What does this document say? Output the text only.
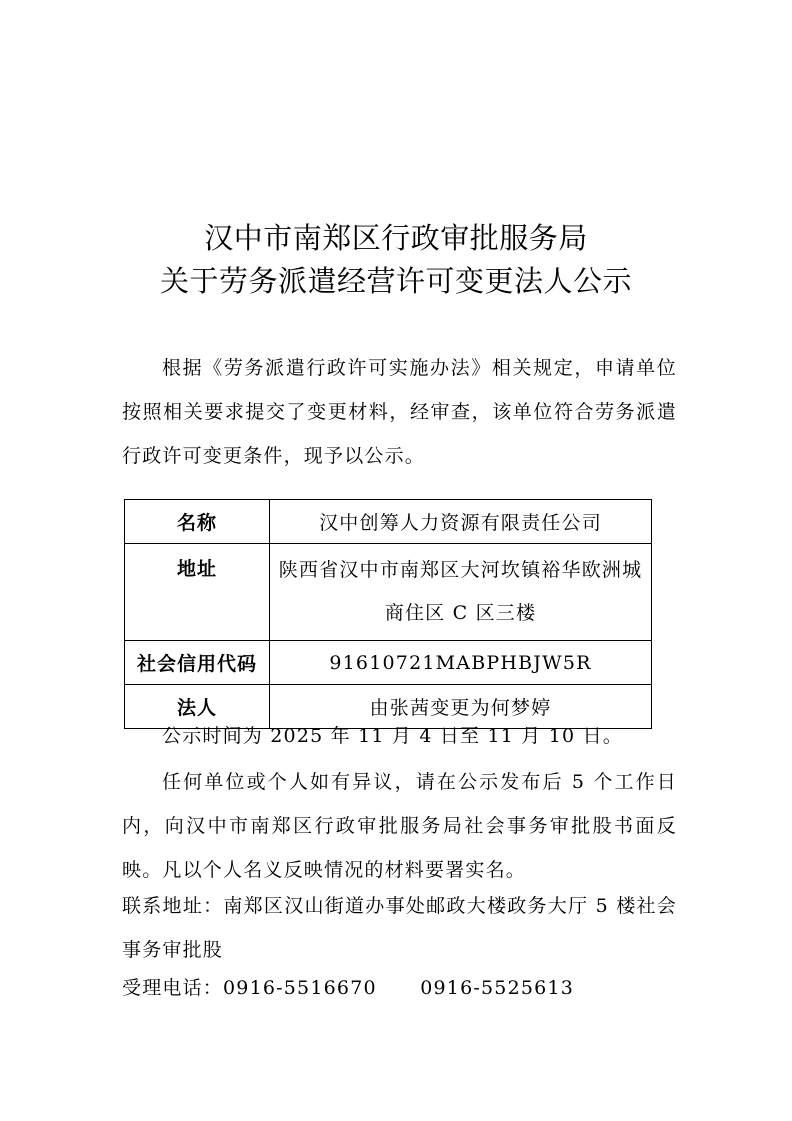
汉中市南郑区行政审批服务局
关于劳务派遣经营许可变更法人公示
根据《劳务派遣行政许可实施办法》相关规定，申请单位按照相关要求提交了变更材料，经审查，该单位符合劳务派遣行政许可变更条件，现予以公示。
名称	汉中创筹人力资源有限责任公司
地址	陕西省汉中市南郑区大河坎镇裕华欧洲城商住区 C 区三楼
社会信用代码	91610721MABPHBJW5R
法人	由张茜变更为何梦婷
公示时间为 2025 年 11 月 4 日至 11 月 10 日。
任何单位或个人如有异议，请在公示发布后 5 个工作日内，向汉中市南郑区行政审批服务局社会事务审批股书面反映。凡以个人名义反映情况的材料要署实名。
联系地址：南郑区汉山街道办事处邮政大楼政务大厅 5 楼社会事务审批股
受理电话：0916-5516670      0916-5525613
